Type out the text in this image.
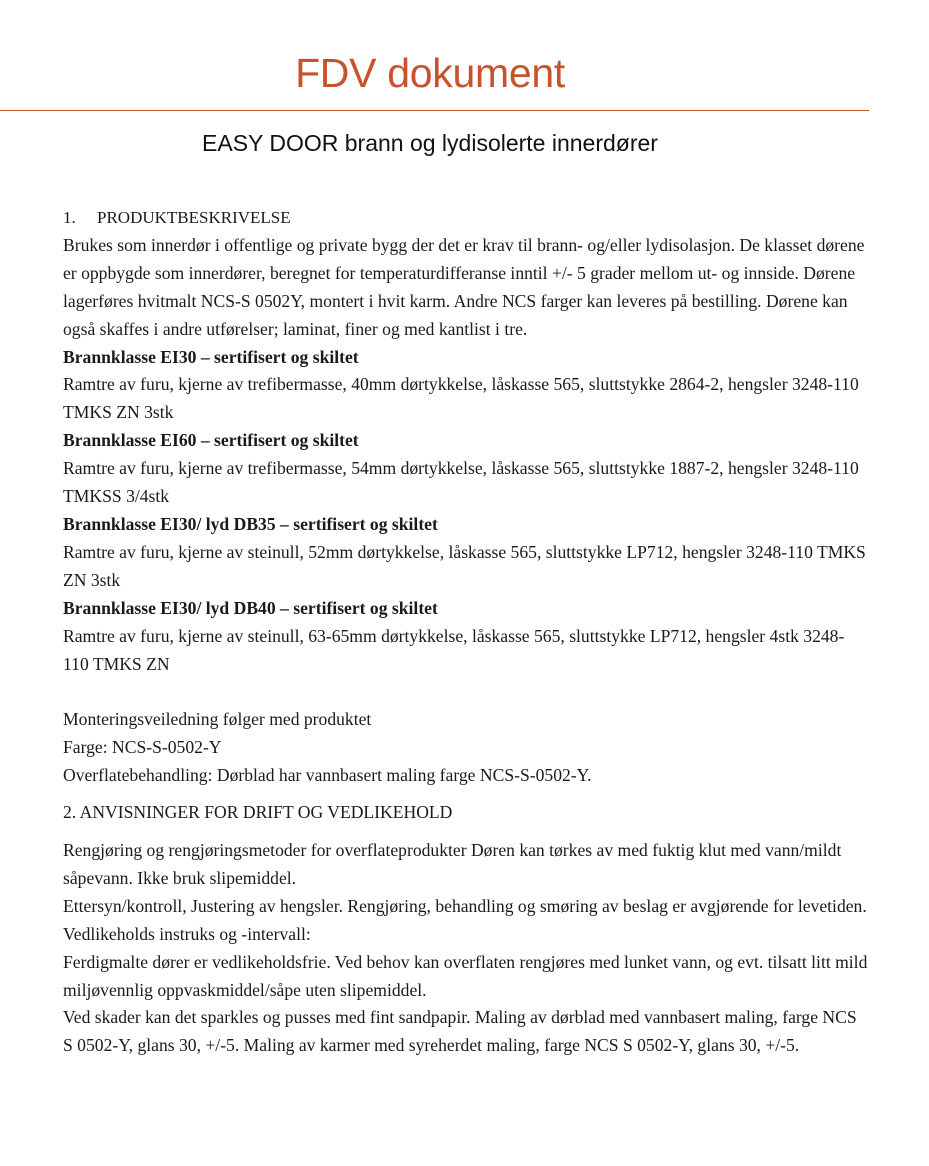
FDV dokument
EASY DOOR brann og lydisolerte innerdører

1. PRODUKTBESKRIVELSE

Brukes som innerdør i offentlige og private bygg der det er krav til brann- og/eller lydisolasjon. De klasset dørene er oppbygde som innerdører, beregnet for temperaturdifferanse inntil +/- 5 grader mellom ut- og innside. Dørene lagerføres hvitmalt NCS-S 0502Y, montert i hvit karm. Andre NCS farger kan leveres på bestilling. Dørene kan også skaffes i andre utførelser; laminat, finer og med kantlist i tre.

Brannklasse EI30 – sertifisert og skiltet

Ramtre av furu, kjerne av trefibermasse, 40mm dørtykkelse, låskasse 565, sluttstykke 2864-2, hengsler 3248-110 TMKS ZN 3stk

Brannklasse EI60 – sertifisert og skiltet

Ramtre av furu, kjerne av trefibermasse, 54mm dørtykkelse, låskasse 565, sluttstykke 1887-2, hengsler 3248-110 TMKSS 3/4stk

Brannklasse EI30/ lyd DB35 – sertifisert og skiltet

Ramtre av furu, kjerne av steinull, 52mm dørtykkelse, låskasse 565, sluttstykke LP712, hengsler 3248-110 TMKS ZN 3stk

Brannklasse EI30/ lyd DB40 – sertifisert og skiltet

Ramtre av furu, kjerne av steinull, 63-65mm dørtykkelse, låskasse 565, sluttstykke LP712, hengsler 4stk 3248-110 TMKS ZN

Monteringsveiledning følger med produktet

Farge: NCS-S-0502-Y

Overflatebehandling: Dørblad har vannbasert maling farge NCS-S-0502-Y.

2. ANVISNINGER FOR DRIFT OG VEDLIKEHOLD

Rengjøring og rengjøringsmetoder for overflateprodukter Døren kan tørkes av med fuktig klut med vann/mildt såpevann. Ikke bruk slipemiddel.

Ettersyn/kontroll, Justering av hengsler. Rengjøring, behandling og smøring av beslag er avgjørende for levetiden.

Vedlikeholds instruks og -intervall:

Ferdigmalte dører er vedlikeholdsfrie. Ved behov kan overflaten rengjøres med lunket vann, og evt. tilsatt litt mild miljøvennlig oppvaskmiddel/såpe uten slipemiddel.

Ved skader kan det sparkles og pusses med fint sandpapir. Maling av dørblad med vannbasert maling, farge NCS S 0502-Y, glans 30, +/-5. Maling av karmer med syreherdet maling, farge NCS S 0502-Y, glans 30, +/-5.
